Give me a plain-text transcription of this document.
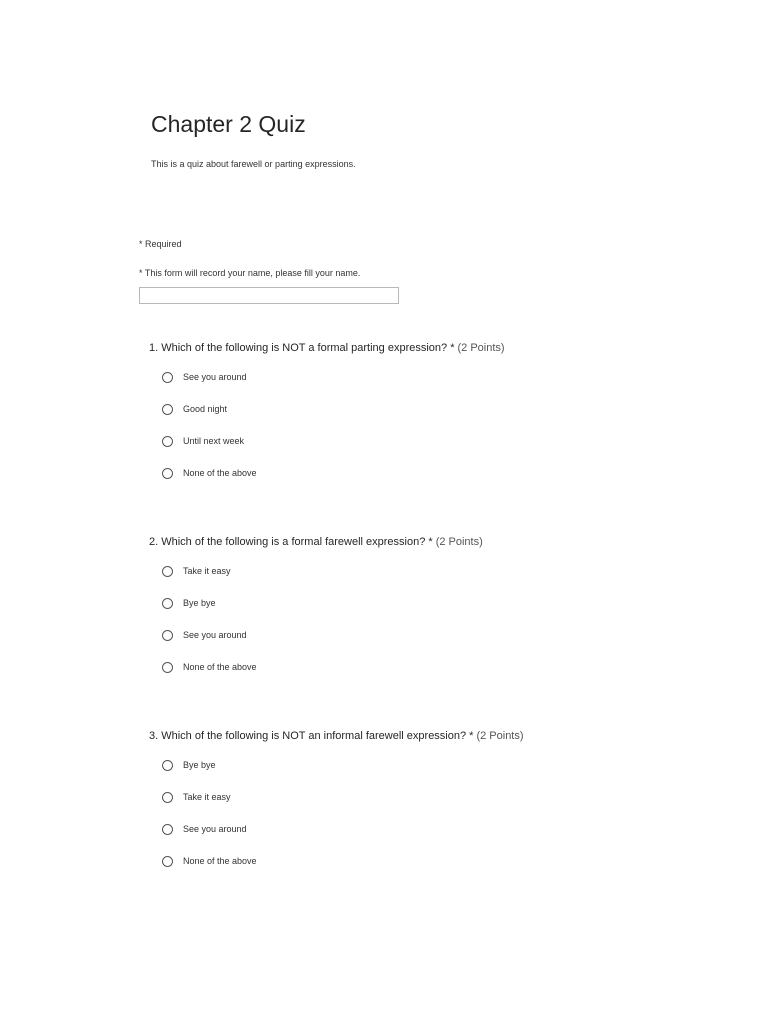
Chapter 2 Quiz
This is a quiz about farewell or parting expressions.
* Required
* This form will record your name, please fill your name.
1. Which of the following is NOT a formal parting expression? * (2 Points)
See you around
Good night
Until next week
None of the above
2. Which of the following is a formal farewell expression? * (2 Points)
Take it easy
Bye bye
See you around
None of the above
3. Which of the following is NOT an informal farewell expression? * (2 Points)
Bye bye
Take it easy
See you around
None of the above
